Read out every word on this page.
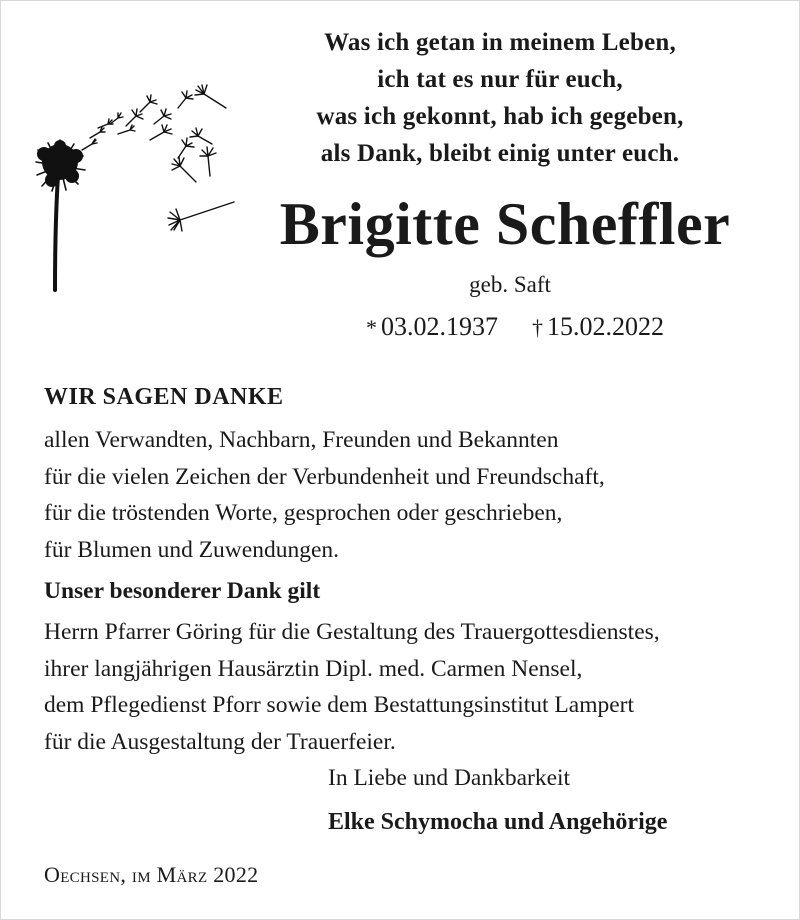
Was ich getan in meinem Leben,
ich tat es nur für euch,
was ich gekonnt, hab ich gegeben,
als Dank, bleibt einig unter euch.
Brigitte Scheffler
geb. Saft
* 03.02.1937 † 15.02.2022
WIR SAGEN DANKE
allen Verwandten, Nachbarn, Freunden und Bekannten
für die vielen Zeichen der Verbundenheit und Freundschaft,
für die tröstenden Worte, gesprochen oder geschrieben,
für Blumen und Zuwendungen.
Unser besonderer Dank gilt
Herrn Pfarrer Göring für die Gestaltung des Trauergottesdienstes,
ihrer langjährigen Hausärztin Dipl. med. Carmen Nensel,
dem Pflegedienst Pforr sowie dem Bestattungsinstitut Lampert
für die Ausgestaltung der Trauerfeier.
In Liebe und Dankbarkeit
Elke Schymocha und Angehörige
Oechsen, im März 2022
